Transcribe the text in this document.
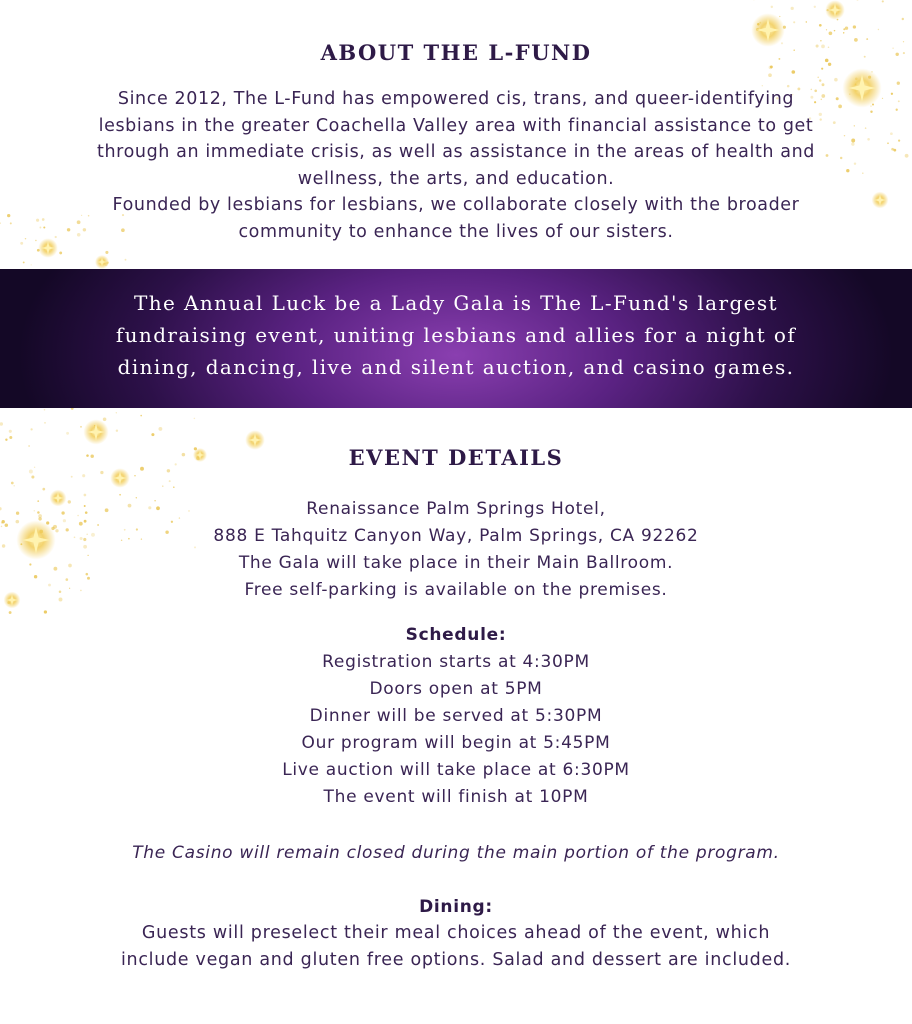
ABOUT THE L-FUND

Since 2012, The L-Fund has empowered cis, trans, and queer-identifying
lesbians in the greater Coachella Valley area with financial assistance to get
through an immediate crisis, as well as assistance in the areas of health and
wellness, the arts, and education.
Founded by lesbians for lesbians, we collaborate closely with the broader
community to enhance the lives of our sisters.

The Annual Luck be a Lady Gala is The L-Fund's largest
fundraising event, uniting lesbians and allies for a night of
dining, dancing, live and silent auction, and casino games.

EVENT DETAILS

Renaissance Palm Springs Hotel,

888 E Tahquitz Canyon Way, Palm Springs, CA 92262

The Gala will take place in their Main Ballroom.

Free self-parking is available on the premises.

Schedule:

Registration starts at 4:30PM

Doors open at 5PM

Dinner will be served at 5:30PM

Our program will begin at 5:45PM

Live auction will take place at 6:30PM

The event will finish at 10PM

The Casino will remain closed during the main portion of the program.

Dining:

Guests will preselect their meal choices ahead of the event, which

include vegan and gluten free options. Salad and dessert are included.
